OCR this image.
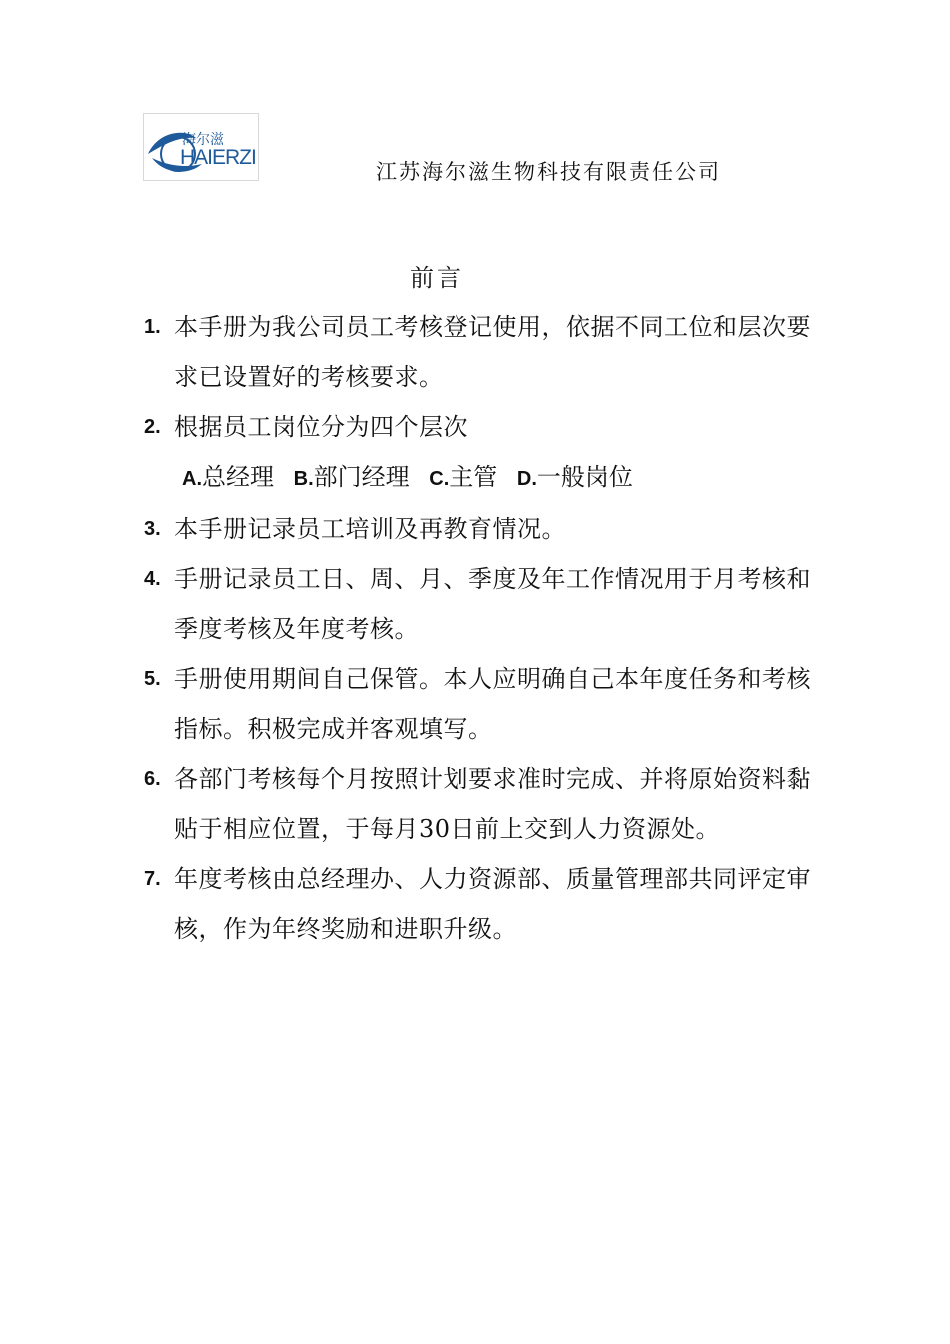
海尔滋
HAIERZI
江苏海尔滋生物科技有限责任公司
前言
1. 本手册为我公司员工考核登记使用，依据不同工位和层次要求已设置好的考核要求。
2. 根据员工岗位分为四个层次
A.总经理 B.部门经理 C.主管 D.一般岗位
3. 本手册记录员工培训及再教育情况。
4. 手册记录员工日、周、月、季度及年工作情况用于月考核和季度考核及年度考核。
5. 手册使用期间自己保管。本人应明确自己本年度任务和考核指标。积极完成并客观填写。
6. 各部门考核每个月按照计划要求准时完成、并将原始资料黏贴于相应位置，于每月30日前上交到人力资源处。
7. 年度考核由总经理办、人力资源部、质量管理部共同评定审核，作为年终奖励和进职升级。
